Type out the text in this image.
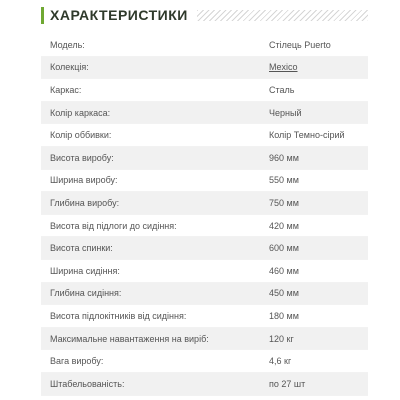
ХАРАКТЕРИСТИКИ
Модель:	Стілець Puerto
Колекція:	Mexico
Каркас:	Сталь
Колір каркаса:	Черный
Колір оббивки:	Колір Темно-сірий
Висота виробу:	960 мм
Ширина виробу:	550 мм
Глибина виробу:	750 мм
Висота від підлоги до сидіння:	420 мм
Висота спинки:	600 мм
Ширина сидіння:	460 мм
Глибина сидіння:	450 мм
Висота підлокітників від сидіння:	180 мм
Максимальне навантаження на виріб:	120 кг
Вага виробу:	4,6 кг
Штабельованість:	по 27 шт
